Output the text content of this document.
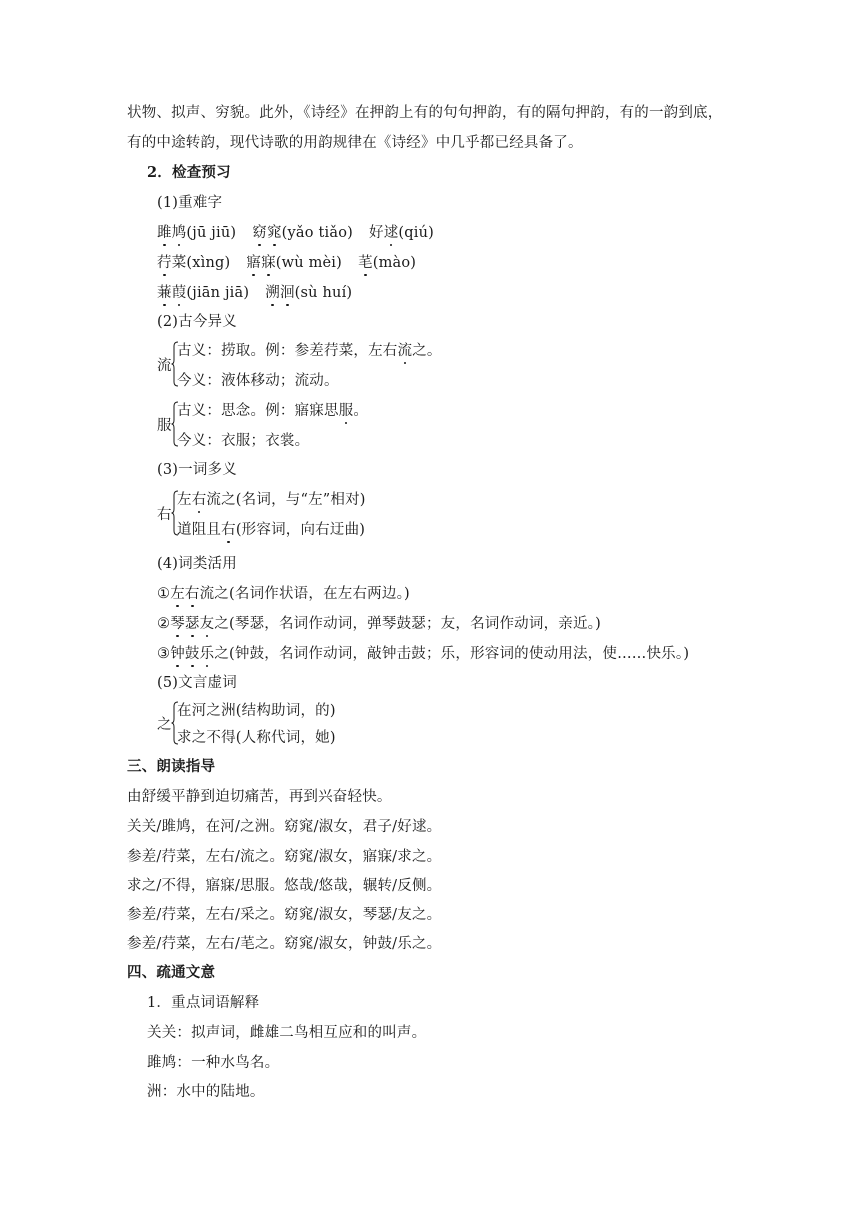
状物、拟声、穷貌。此外，《诗经》在押韵上有的句句押韵，有的隔句押韵，有的一韵到底，
有的中途转韵，现代诗歌的用韵规律在《诗经》中几乎都已经具备了。
2．检查预习
(1)重难字
雎鸠(jū jiū) 窈窕(yǎo tiǎo) 好逑(qiú)
荇菜(xìng) 寤寐(wù mèi) 芼(mào)
蒹葭(jiān jiā) 溯洄(sù huí)
(2)古今异义
流
古义：捞取。例：参差荇菜，左右流之。
今义：液体移动；流动。
服
古义：思念。例：寤寐思服。
今义：衣服；衣裳。
(3)一词多义
右
左右流之(名词，与“左”相对)
道阻且右(形容词，向右迂曲)
(4)词类活用
①左右流之(名词作状语，在左右两边。)
②琴瑟友之(琴瑟，名词作动词，弹琴鼓瑟；友，名词作动词，亲近。)
③钟鼓乐之(钟鼓，名词作动词，敲钟击鼓；乐，形容词的使动用法，使……快乐。)
(5)文言虚词
之
在河之洲(结构助词，的)
求之不得(人称代词，她)
三、朗读指导
由舒缓平静到迫切痛苦，再到兴奋轻快。
关关/雎鸠，在河/之洲。窈窕/淑女，君子/好逑。
参差/荇菜，左右/流之。窈窕/淑女，寤寐/求之。
求之/不得，寤寐/思服。悠哉/悠哉，辗转/反侧。
参差/荇菜，左右/采之。窈窕/淑女，琴瑟/友之。
参差/荇菜，左右/芼之。窈窕/淑女，钟鼓/乐之。
四、疏通文意
1．重点词语解释
关关：拟声词，雌雄二鸟相互应和的叫声。
雎鸠：一种水鸟名。
洲：水中的陆地。
